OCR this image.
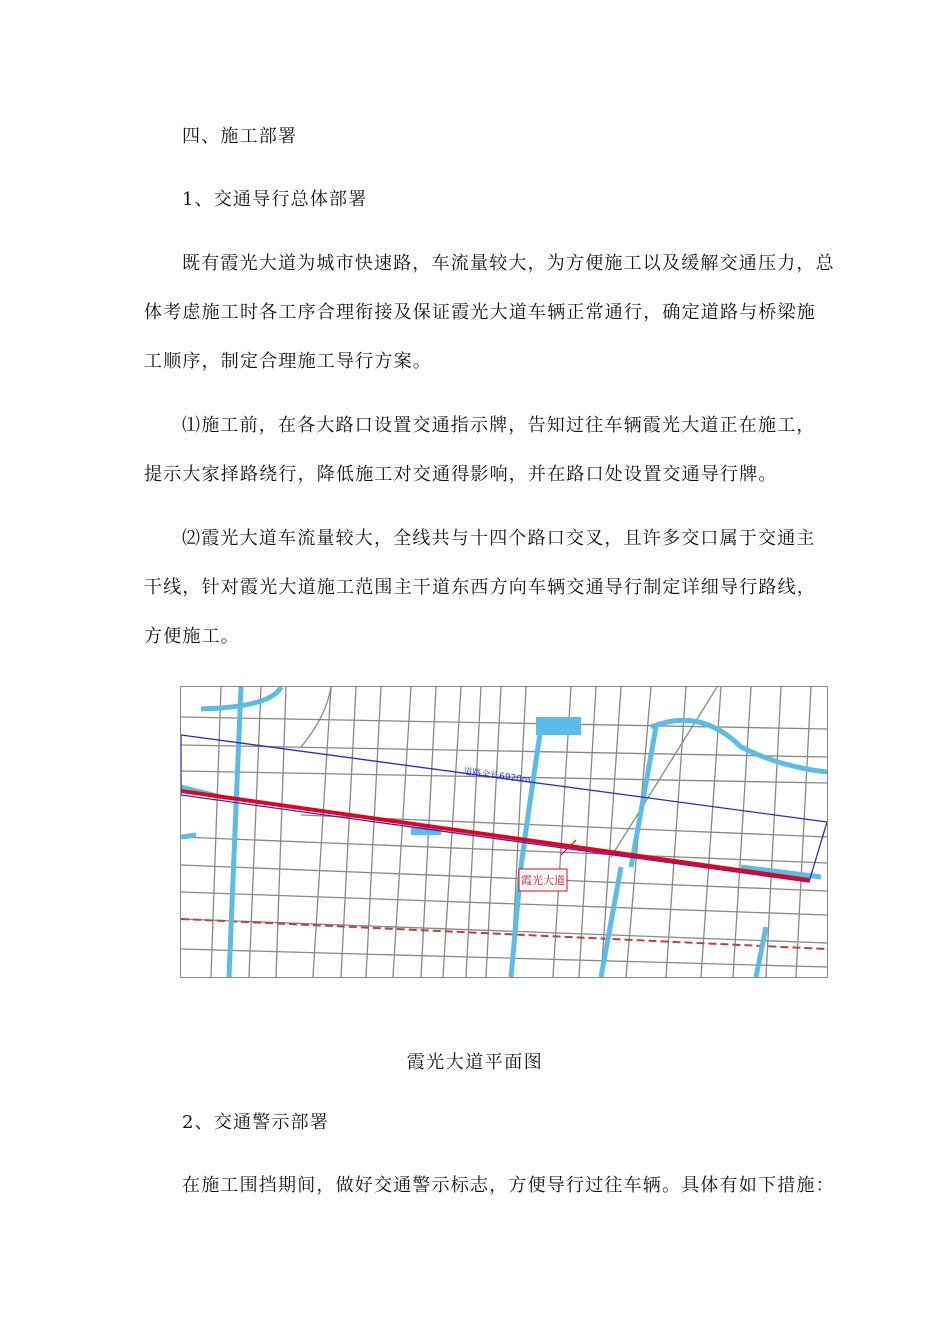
四、施工部署
1、交通导行总体部署
既有霞光大道为城市快速路，车流量较大，为方便施工以及缓解交通压力，总
体考虑施工时各工序合理衔接及保证霞光大道车辆正常通行，确定道路与桥梁施
工顺序，制定合理施工导行方案。
⑴施工前，在各大路口设置交通指示牌，告知过往车辆霞光大道正在施工，
提示大家择路绕行，降低施工对交通得影响，并在路口处设置交通导行牌。
⑵霞光大道车流量较大，全线共与十四个路口交叉，且许多交口属于交通主
干线，针对霞光大道施工范围主干道东西方向车辆交通导行制定详细导行路线，
方便施工。
霞光大道
道路全长6920m
霞光大道平面图
2、交通警示部署
在施工围挡期间，做好交通警示标志，方便导行过往车辆。具体有如下措施：
